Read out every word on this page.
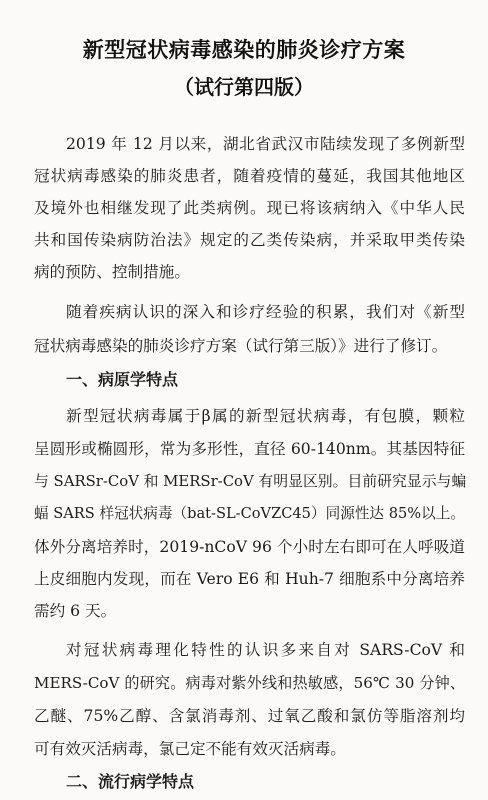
新型冠状病毒感染的肺炎诊疗方案
（试行第四版）
2019 年 12 月以来，湖北省武汉市陆续发现了多例新型
冠状病毒感染的肺炎患者，随着疫情的蔓延，我国其他地区
及境外也相继发现了此类病例。现已将该病纳入《中华人民
共和国传染病防治法》规定的乙类传染病，并采取甲类传染
病的预防、控制措施。
随着疾病认识的深入和诊疗经验的积累，我们对《新型
冠状病毒感染的肺炎诊疗方案（试行第三版）》进行了修订。
一、病原学特点
新型冠状病毒属于β属的新型冠状病毒，有包膜，颗粒
呈圆形或椭圆形，常为多形性，直径 60-140nm。其基因特征
与 SARSr-CoV 和 MERSr-CoV 有明显区别。目前研究显示与蝙
蝠 SARS 样冠状病毒（bat-SL-CoVZC45）同源性达 85%以上。
体外分离培养时，2019-nCoV 96 个小时左右即可在人呼吸道
上皮细胞内发现，而在 Vero E6 和 Huh-7 细胞系中分离培养
需约 6 天。
对冠状病毒理化特性的认识多来自对 SARS-CoV 和
MERS-CoV 的研究。病毒对紫外线和热敏感，56℃ 30 分钟、
乙醚、75%乙醇、含氯消毒剂、过氧乙酸和氯仿等脂溶剂均
可有效灭活病毒，氯己定不能有效灭活病毒。
二、流行病学特点
